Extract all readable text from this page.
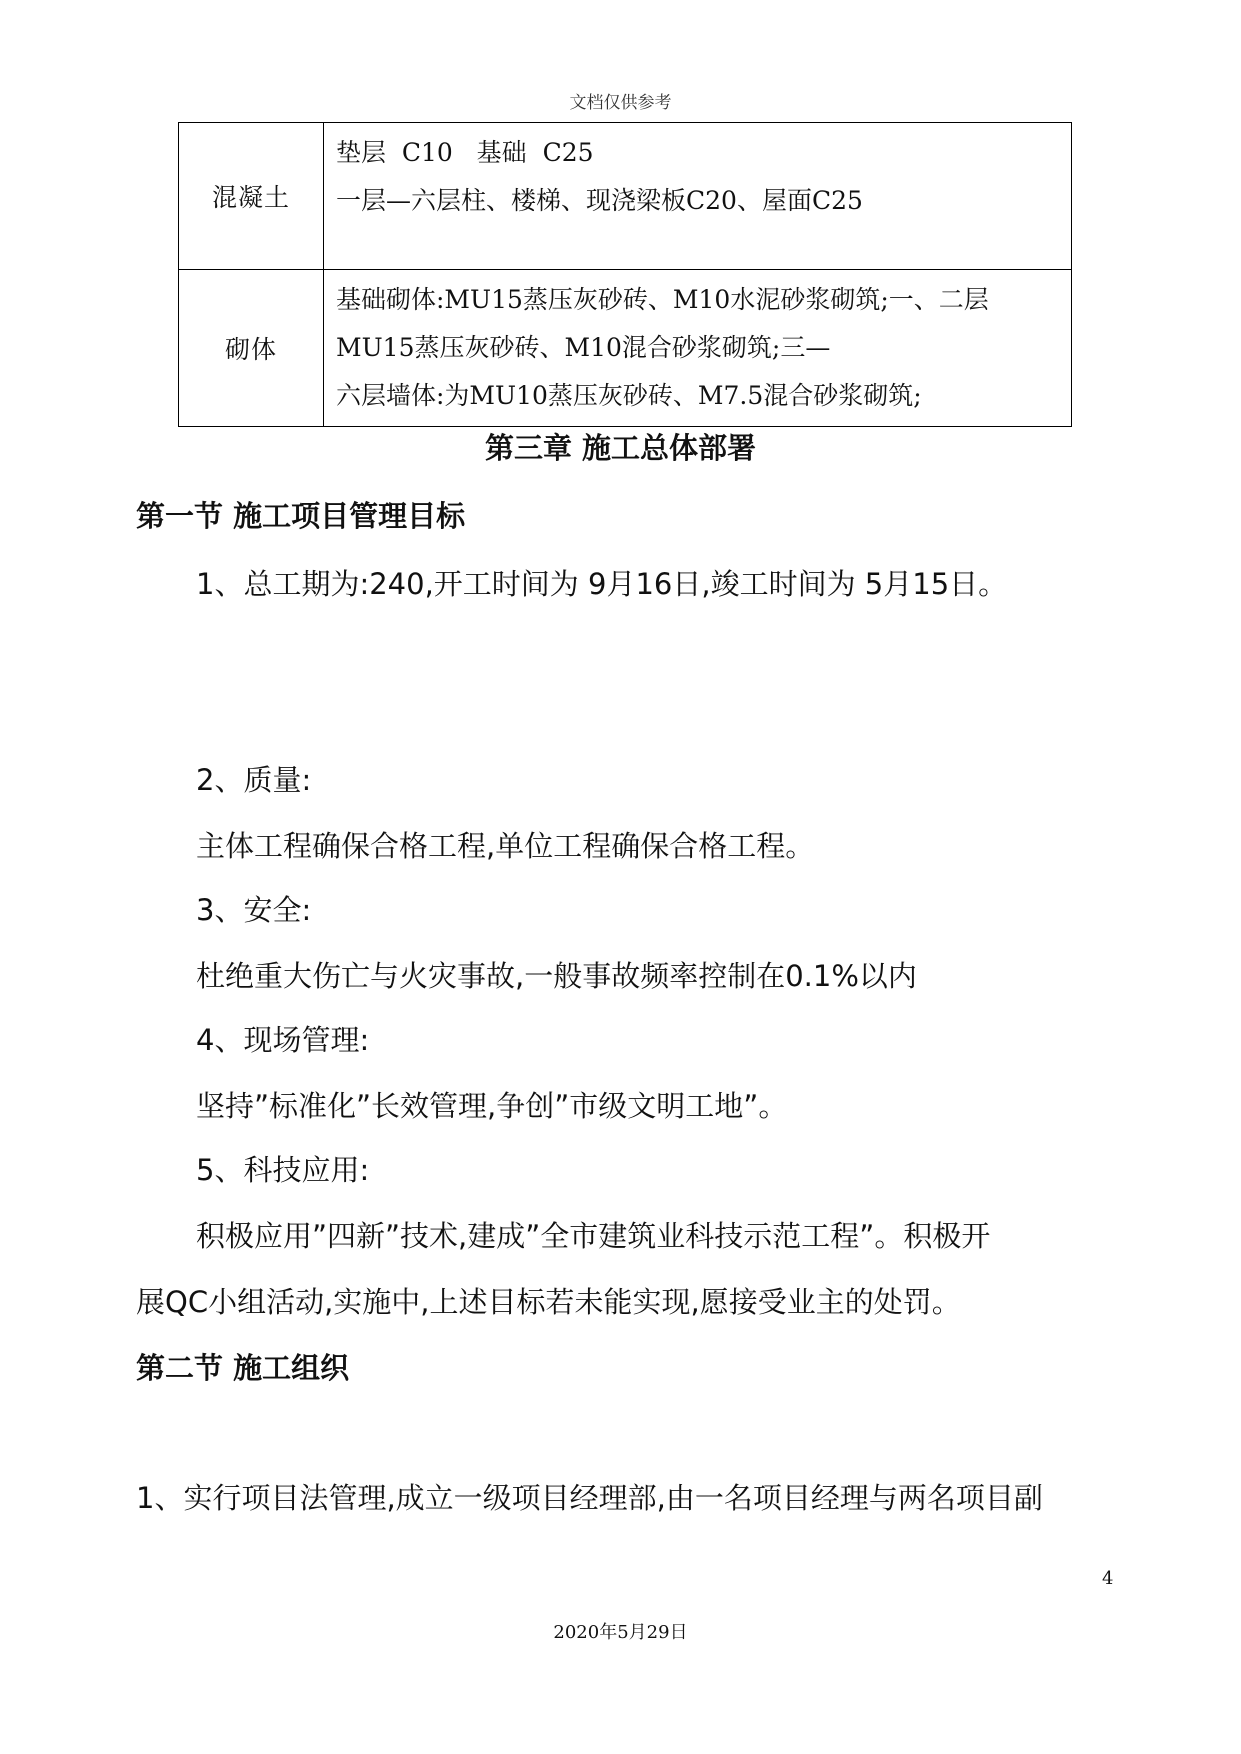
文档仅供参考
混凝土	垫层  C10   基础  C25
一层—六层柱、楼梯、现浇梁板C20、屋面C25

砌体	基础砌体:MU15蒸压灰砂砖、M10水泥砂浆砌筑;一、二层
MU15蒸压灰砂砖、M10混合砂浆砌筑;三—
六层墙体:为MU10蒸压灰砂砖、M7.5混合砂浆砌筑;
第三章 施工总体部署
第一节 施工项目管理目标
1、总工期为:240,开工时间为 9月16日,竣工时间为 5月15日。
2、质量:
主体工程确保合格工程,单位工程确保合格工程。
3、安全:
杜绝重大伤亡与火灾事故,一般事故频率控制在0.1%以内
4、现场管理:
坚持”标准化”长效管理,争创”市级文明工地”。
5、科技应用:
积极应用”四新”技术,建成”全市建筑业科技示范工程”。积极开
展QC小组活动,实施中,上述目标若未能实现,愿接受业主的处罚。
第二节 施工组织
1、实行项目法管理,成立一级项目经理部,由一名项目经理与两名项目副
4
2020年5月29日
